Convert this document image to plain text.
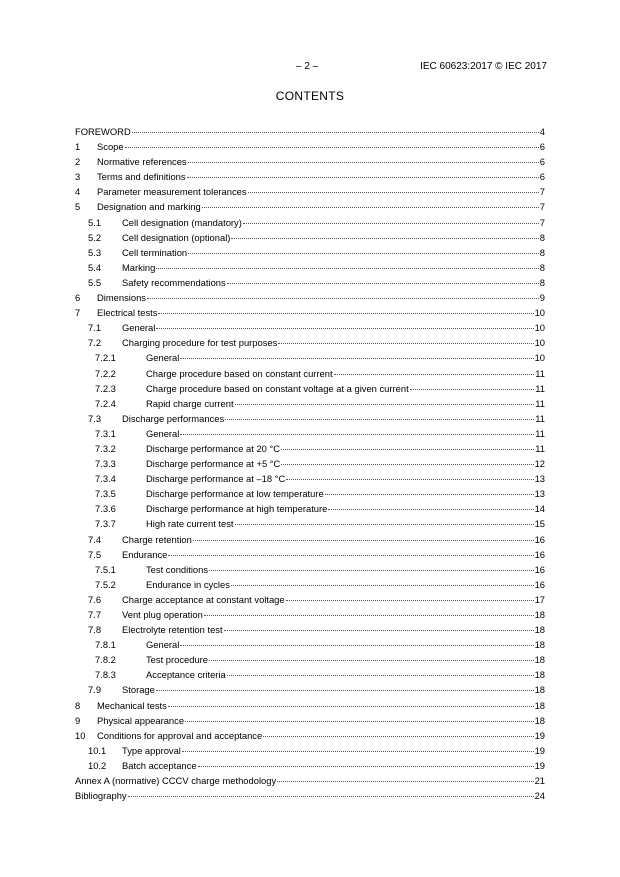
– 2 –	IEC 60623:2017 © IEC 2017
CONTENTS
FOREWORD	4
1	Scope	6
2	Normative references	6
3	Terms and definitions	6
4	Parameter measurement tolerances	7
5	Designation and marking	7
5.1	Cell designation (mandatory)	7
5.2	Cell designation (optional)	8
5.3	Cell termination	8
5.4	Marking	8
5.5	Safety recommendations	8
6	Dimensions	9
7	Electrical tests	10
7.1	General	10
7.2	Charging procedure for test purposes	10
7.2.1	General	10
7.2.2	Charge procedure based on constant current	11
7.2.3	Charge procedure based on constant voltage at a given current	11
7.2.4	Rapid charge current	11
7.3	Discharge performances	11
7.3.1	General	11
7.3.2	Discharge performance at 20 °C	11
7.3.3	Discharge performance at +5 °C	12
7.3.4	Discharge performance at –18 °C	13
7.3.5	Discharge performance at low temperature	13
7.3.6	Discharge performance at high temperature	14
7.3.7	High rate current test	15
7.4	Charge retention	16
7.5	Endurance	16
7.5.1	Test conditions	16
7.5.2	Endurance in cycles	16
7.6	Charge acceptance at constant voltage	17
7.7	Vent plug operation	18
7.8	Electrolyte retention test	18
7.8.1	General	18
7.8.2	Test procedure	18
7.8.3	Acceptance criteria	18
7.9	Storage	18
8	Mechanical tests	18
9	Physical appearance	18
10	Conditions for approval and acceptance	19
10.1	Type approval	19
10.2	Batch acceptance	19
Annex A (normative) CCCV charge methodology	21
Bibliography	24
